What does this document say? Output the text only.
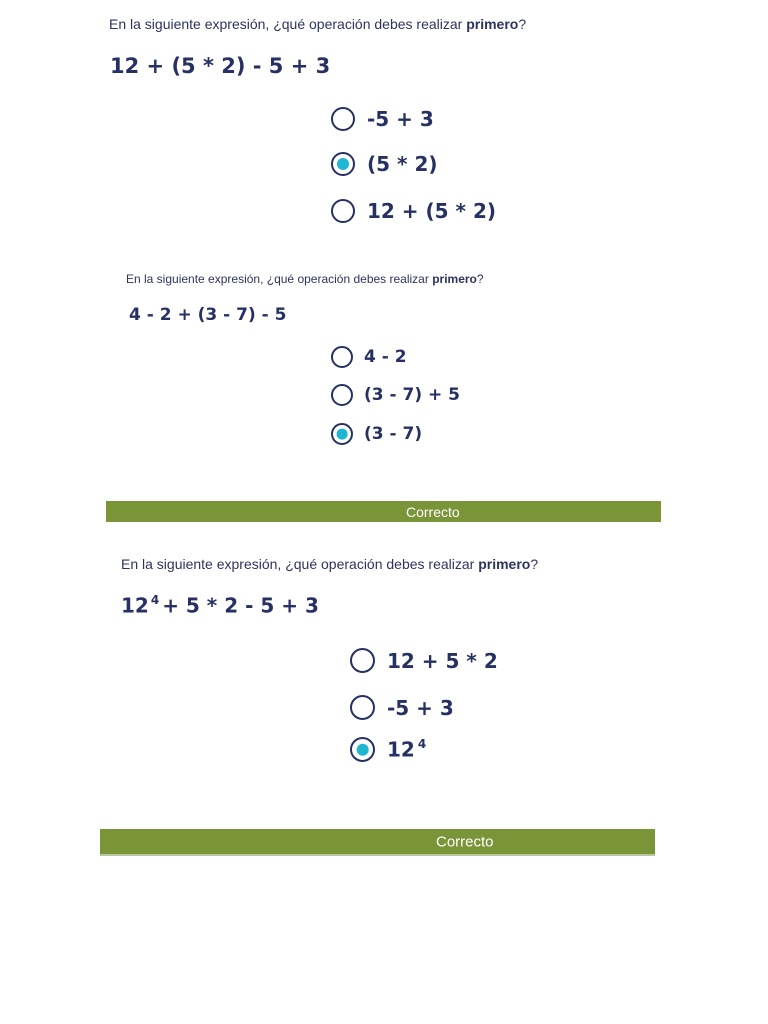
En la siguiente expresión, ¿qué operación debes realizar primero?
12 + (5 * 2) - 5 + 3
-5 + 3
(5 * 2)
12 + (5 * 2)
En la siguiente expresión, ¿qué operación debes realizar primero?
4 - 2 + (3 - 7) - 5
4 - 2
(3 - 7) + 5
(3 - 7)
Correcto
En la siguiente expresión, ¿qué operación debes realizar primero?
12 $^4$ + 5 * 2 - 5 + 3
12 + 5 * 2
-5 + 3
12 $^4$
Correcto
